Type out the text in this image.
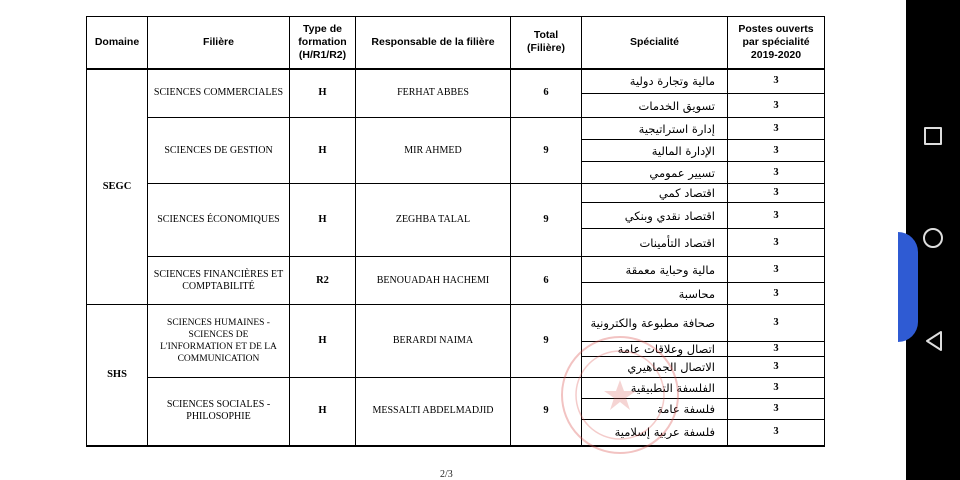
Domaine	Filière	Type de formation (H/R1/R2)	Responsable de la filière	Total (Filière)	Spécialité	Postes ouverts par spécialité 2019-2020
SEGC	SCIENCES COMMERCIALES	H	FERHAT ABBES	6	مالية وتجارة دولية	3
					تسويق الخدمات	3
	SCIENCES DE GESTION	H	MIR AHMED	9	إدارة استراتيجية	3
					الإدارة المالية	3
					تسيير عمومي	3
	SCIENCES ÉCONOMIQUES	H	ZEGHBA TALAL	9	اقتصاد كمي	3
					اقتصاد نقدي وبنكي	3
					اقتصاد التأمينات	3
	SCIENCES FINANCIÈRES ET COMPTABILITÉ	R2	BENOUADAH HACHEMI	6	مالية وحباية معمقة	3
					محاسبة	3
SHS	SCIENCES HUMAINES - SCIENCES DE L'INFORMATION ET DE LA COMMUNICATION	H	BERARDI NAIMA	9	صحافة مطبوعة والكترونية	3
					اتصال وعلاقات عامة	3
					الاتصال الجماهيري	3
	SCIENCES SOCIALES - PHILOSOPHIE	H	MESSALTI ABDELMADJID	9	الفلسفة التطبيقية	3
					فلسفة عامة	3
					فلسفة عربية إسلامية	3
2/3
